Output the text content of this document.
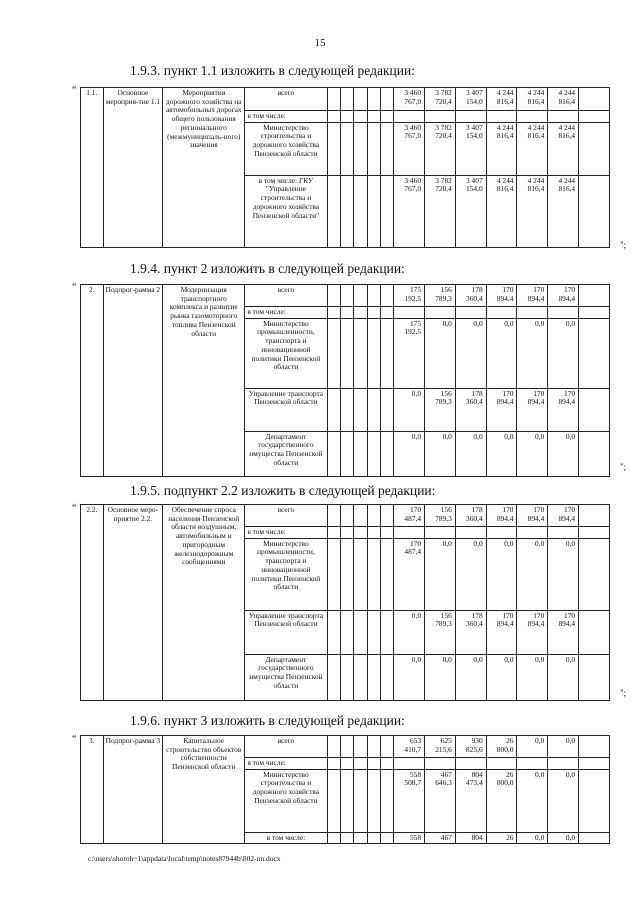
15
1.9.3. пункт 1.1 изложить в следующей редакции:
“ 1.1.	Основное мероприя-тие 1.1	Мероприятия дорожного хозяйства на автомобильных дорогах общего пользования регионального (межмуниципаль-ного) значения	всего						3 460 767,0	3 782 720,4	3 407 154,0	4 244 816,4	4 244 816,4	4 244 816,4	
			в том числе:												
			Министерство строительства и дорожного хозяйства Пензенской области						3 460 767,0	3 782 720,4	3 407 154,0	4 244 816,4	4 244 816,4	4 244 816,4	
			в том числе: ГКУ "Управление строительства и дорожного хозяйства Пензенской области"						3 460 767,0	3 782 720,4	3 407 154,0	4 244 816,4	4 244 816,4	4 244 816,4	
";
1.9.4. пункт 2 изложить в следующей редакции:
“ 2.	Подпрог-рамма 2	Модернизация транспортного комплекса и развитие рынка газомоторного топлива Пензенской области	всего						175 192,5	156 789,3	178 360,4	170 894,4	170 894,4	170 894,4	
			в том числе:												
			Министерство промышленности, транспорта и инновационной политики Пензенской области						175 192,5	0,0	0,0	0,0	0,0	0,0	
			Управление транспорта Пензенской области						0,0	156 789,3	178 360,4	170 894,4	170 894,4	170 894,4	
			Департамент государственного имущества Пензенской области						0,0	0,0	0,0	0,0	0,0	0,0	
";
1.9.5. подпункт 2.2 изложить в следующей редакции:
“ 2.2.	Основное меро-приятие 2.2.	Обеспечение спроса населения Пензенской области воздушным, автомобильным и пригородным железнодорожным сообщениями	всего						170 487,4	156 789,3	178 360,4	170 894,4	170 894,4	170 894,4	
			в том числе:												
			Министерство промышленности, транспорта и инновационной политики Пензенской области						170 487,4	0,0	0,0	0,0	0,0	0,0	
			Управление транспорта Пензенской области						0,0	156 789,3	178 360,4	170 894,4	170 894,4	170 894,4	
			Департамент государственного имущества Пензенской области						0,0	0,0	0,0	0,0	0,0	0,0	
";
1.9.6. пункт 3 изложить в следующей редакции:
“ 3.	Подпрог-рамма 3	Капитальное строительство объектов собственности Пензенской области	всего						653 410,7	625 215,6	930 825,6	26 800,0	0,0	0,0	
			в том числе:												
			Министерство строительства и дорожного хозяйства Пензенской области						558 508,7	467 646,3	804 473,4	26 800,0	0,0	0,0	
			в том числе:						558	467	804	26	0,0	0,0	
c:\users\shoroh~1\appdata\local\temp\notes87944b\802-nn.docx
